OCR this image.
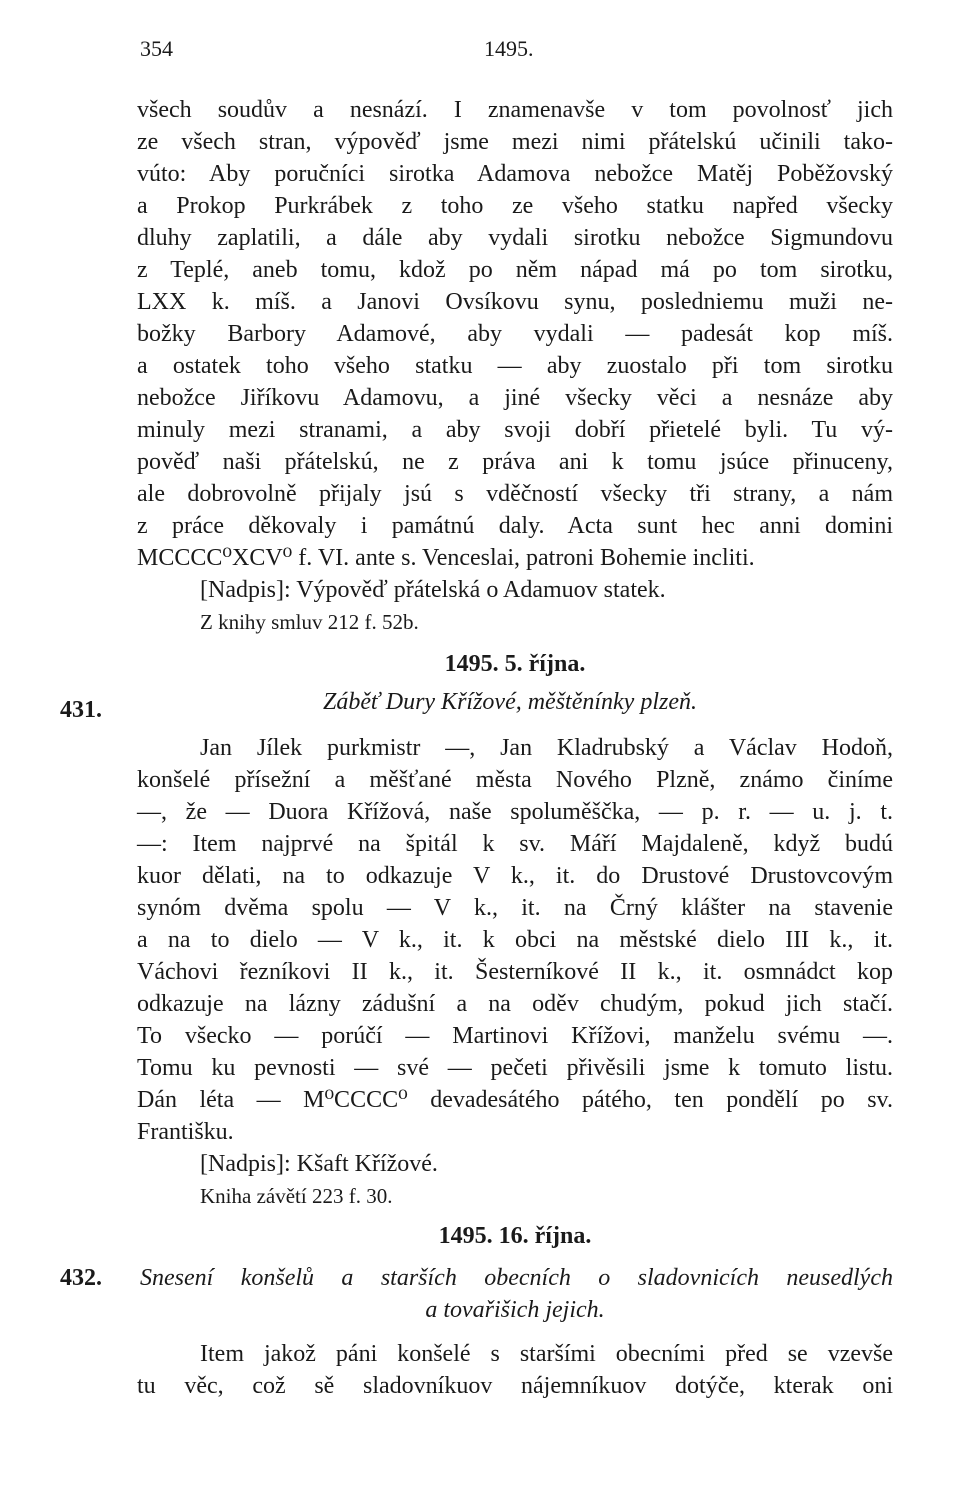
354	1495.
všech soudův a nesnází. I znamenavše v tom povolnosť jich
ze všech stran, výpověď jsme mezi nimi přátelskú učinili tako-
vúto: Aby poručníci sirotka Adamova nebožce Matěj Poběžovský
a Prokop Purkrábek z toho ze všeho statku napřed všecky
dluhy zaplatili, a dále aby vydali sirotku nebožce Sigmundovu
z Teplé, aneb tomu, kdož po něm nápad má po tom sirotku,
LXX k. míš. a Janovi Ovsíkovu synu, posledniemu muži ne-
božky Barbory Adamové, aby vydali — padesát kop míš.
a ostatek toho všeho statku — aby zuostalo při tom sirotku
nebožce Jiříkovu Adamovu, a jiné všecky věci a nesnáze aby
minuly mezi stranami, a aby svoji dobří přietelé byli. Tu vý-
pověď naši přátelskú, ne z práva ani k tomu jsúce přinuceny,
ale dobrovolně přijaly jsú s vděčností všecky tři strany, a nám
z práce děkovaly i památnú daly. Acta sunt hec anni domini
MCCCC⁰XCV⁰ f. VI. ante s. Venceslai, patroni Bohemie incliti.
[Nadpis]: Výpověď přátelská o Adamuov statek.
Z knihy smluv 212 f. 52b.
1495. 5. října.
431.	Záběť Dury Křížové, měštěnínky plzeň.
Jan Jílek purkmistr —, Jan Kladrubský a Václav Hodoň,
konšelé přísežní a měšťané města Nového Plzně, známo činíme
—, že — Duora Křížová, naše spoluměščka, — p. r. — u. j. t.
—: Item najprvé na špitál k sv. Máří Majdaleně, když budú
kuor dělati, na to odkazuje V k., it. do Drustové Drustovcovým
synóm dvěma spolu — V k., it. na Črný klášter na stavenie
a na to dielo — V k., it. k obci na městské dielo III k., it.
Váchovi řezníkovi II k., it. Šesterníkové II k., it. osmnádct kop
odkazuje na lázny zádušní a na oděv chudým, pokud jich stačí.
To všecko — porúčí — Martinovi Křížovi, manželu svému —.
Tomu ku pevnosti — své — pečeti přivěsili jsme k tomuto listu.
Dán léta — M⁰CCCC⁰ devadesátého pátého, ten pondělí po sv.
Františku.
[Nadpis]: Kšaft Křížové.
Kniha závětí 223 f. 30.
1495. 16. října.
432. Snesení konšelů a starších obecních o sladovnicích neusedlých
a tovařišich jejich.
Item jakož páni konšelé s staršími obecními před se vzevše
tu věc, což sě sladovníkuov nájemníkuov dotýče, kterak oni
